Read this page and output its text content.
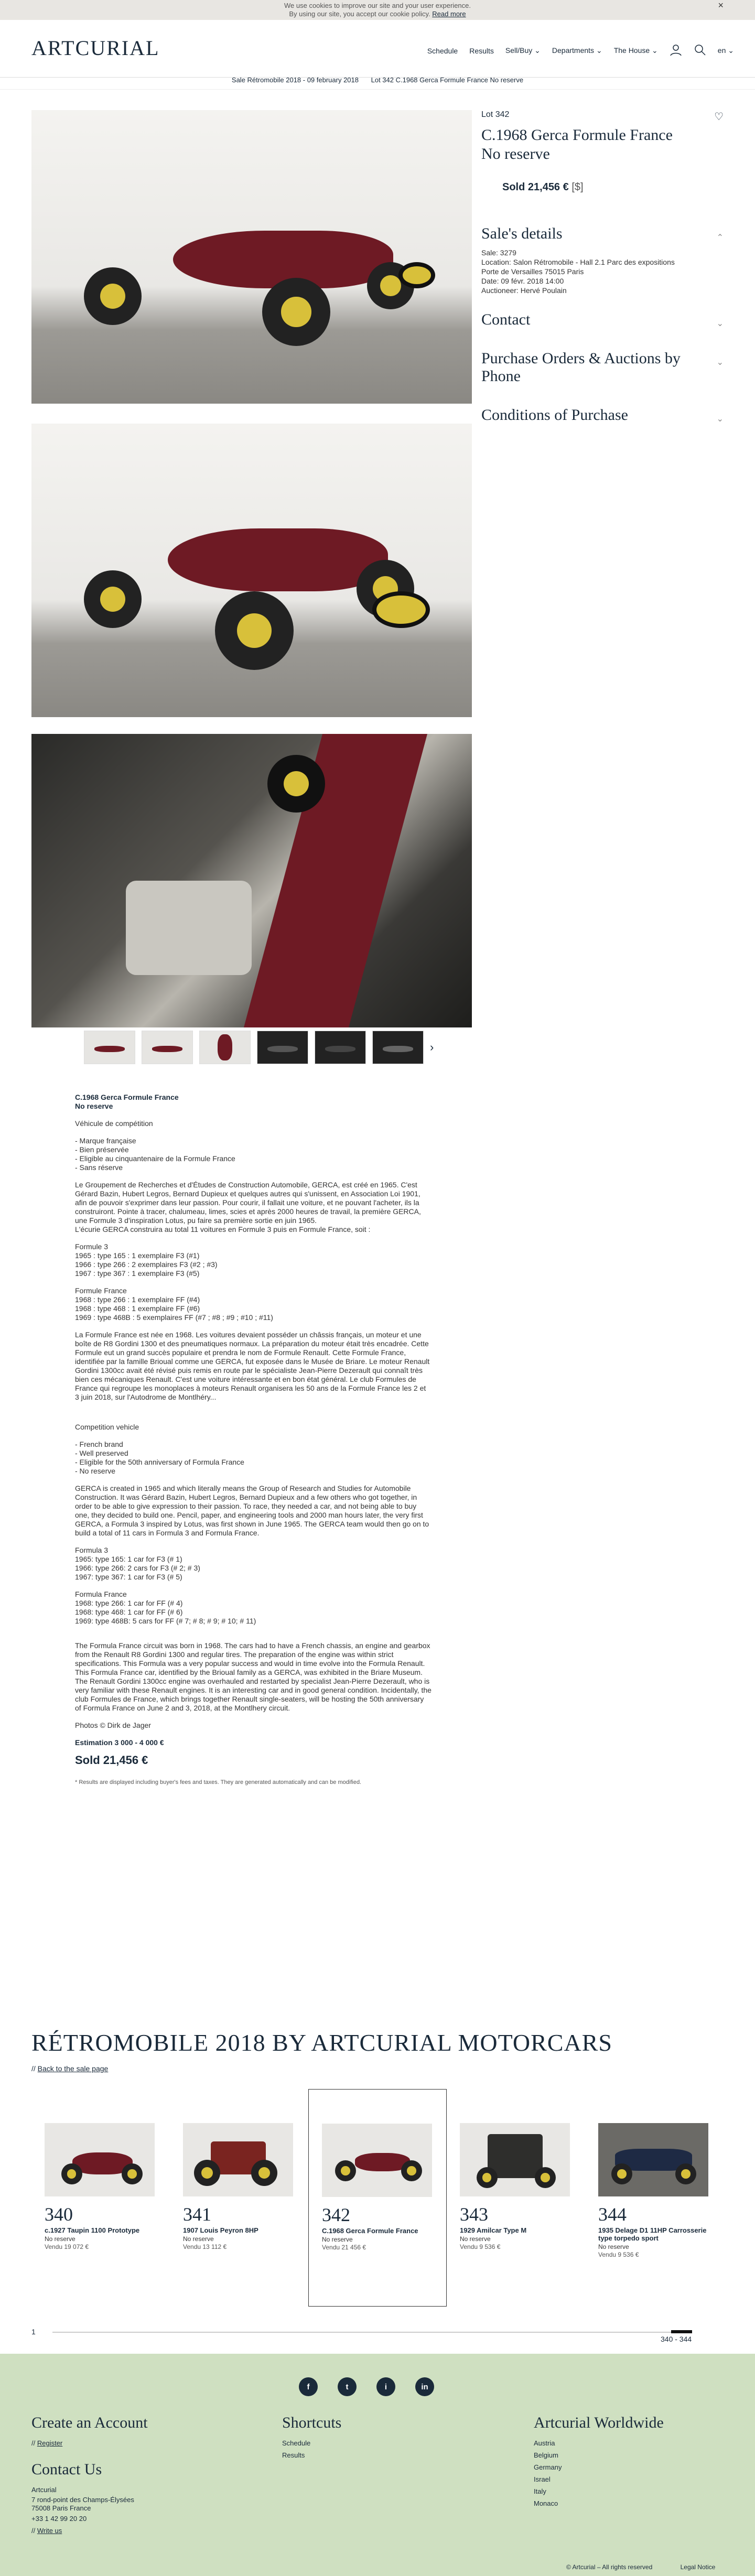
We use cookies to improve our site and your user experience.
By using our site, you accept our cookie policy. Read more
×
ARTCURIAL	Schedule Results Sell/Buy ⌄ Departments ⌄ The House ⌄	en ⌄
Sale Rétromobile 2018 - 09 february 2018 Lot 342 C.1968 Gerca Formule France No reserve
›
Lot 342	♡
C.1968 Gerca Formule France
No reserve
Sold 21,456 € [$]
Sale's details	⌃
Sale: 3279
Location: Salon Rétromobile - Hall 2.1 Parc des expositions
Porte de Versailles 75015 Paris
Date: 09 févr. 2018 14:00
Auctioneer: Hervé Poulain
Contact	⌄
Purchase Orders & Auctions by Phone
⌄
Conditions of Purchase	⌄

C.1968 Gerca Formule France
No reserve

Véhicule de compétition

- Marque française
- Bien préservée
- Eligible au cinquantenaire de la Formule France
- Sans réserve

Le Groupement de Recherches et d'Études de Construction Automobile, GERCA, est créé en 1965. C'est Gérard Bazin, Hubert Legros, Bernard Dupieux et quelques autres qui s'unissent, en Association Loi 1901, afin de pouvoir s'exprimer dans leur passion. Pour courir, il fallait une voiture, et ne pouvant l'acheter, ils la construiront. Pointe à tracer, chalumeau, limes, scies et après 2000 heures de travail, la première GERCA, une Formule 3 d'inspiration Lotus, pu faire sa première sortie en juin 1965.
L'écurie GERCA construira au total 11 voitures en Formule 3 puis en Formule France, soit :

Formule 3
1965 : type 165 : 1 exemplaire F3 (#1)
1966 : type 266 : 2 exemplaires F3 (#2 ; #3)
1967 : type 367 : 1 exemplaire F3 (#5)

Formule France
1968 : type 266 : 1 exemplaire FF (#4)
1968 : type 468 : 1 exemplaire FF (#6)
1969 : type 468B : 5 exemplaires FF (#7 ; #8 ; #9 ; #10 ; #11)

La Formule France est née en 1968. Les voitures devaient posséder un châssis français, un moteur et une boîte de R8 Gordini 1300 et des pneumatiques normaux. La préparation du moteur était très encadrée. Cette Formule eut un grand succès populaire et prendra le nom de Formule Renault. Cette Formule France, identifiée par la famille Brioual comme une GERCA, fut exposée dans le Musée de Briare. Le moteur Renault Gordini 1300cc avait été révisé puis remis en route par le spécialiste Jean-Pierre Dezerault qui connaît très bien ces mécaniques Renault. C'est une voiture intéressante et en bon état général. Le club Formules de France qui regroupe les monoplaces à moteurs Renault organisera les 50 ans de la Formule France les 2 et 3 juin 2018, sur l'Autodrome de Montlhéry...

Competition vehicle

- French brand
- Well preserved
- Eligible for the 50th anniversary of Formula France
- No reserve

GERCA is created in 1965 and which literally means the Group of Research and Studies for Automobile Construction. It was Gérard Bazin, Hubert Legros, Bernard Dupieux and a few others who got together, in order to be able to give expression to their passion. To race, they needed a car, and not being able to buy one, they decided to build one. Pencil, paper, and engineering tools and 2000 man hours later, the very first GERCA, a Formula 3 inspired by Lotus, was first shown in June 1965. The GERCA team would then go on to build a total of 11 cars in Formula 3 and Formula France.

Formula 3
1965: type 165: 1 car for F3 (# 1)
1966: type 266: 2 cars for F3 (# 2; # 3)
1967: type 367: 1 car for F3 (# 5)

Formula France
1968: type 266: 1 car for FF (# 4)
1968: type 468: 1 car for FF (# 6)
1969: type 468B: 5 cars for FF (# 7; # 8; # 9; # 10; # 11)

The Formula France circuit was born in 1968. The cars had to have a French chassis, an engine and gearbox from the Renault R8 Gordini 1300 and regular tires. The preparation of the engine was within strict specifications. This Formula was a very popular success and would in time evolve into the Formula Renault.
This Formula France car, identified by the Brioual family as a GERCA, was exhibited in the Briare Museum. The Renault Gordini 1300cc engine was overhauled and restarted by specialist Jean-Pierre Dezerault, who is very familiar with these Renault engines. It is an interesting car and in good general condition. Incidentally, the club Formules de France, which brings together Renault single-seaters, will be hosting the 50th anniversary of Formula France on June 2 and 3, 2018, at the Montlhery circuit.

Photos © Dirk de Jager

Estimation 3 000 - 4 000 €

Sold 21,456 €
* Results are displayed including buyer's fees and taxes. They are generated automatically and can be modified.
RÉTROMOBILE 2018 BY ARTCURIAL MOTORCARS
// Back to the sale page
340
c.1927 Taupin 1100 Prototype
No reserve
Vendu 19 072 €
341
1907 Louis Peyron 8HP
No reserve
Vendu 13 112 €
342
C.1968 Gerca Formule France
No reserve
Vendu 21 456 €
343
1929 Amilcar Type M
No reserve
Vendu 9 536 €
344
1935 Delage D1 11HP Carrosserie type torpedo sport
No reserve
Vendu 9 536 €
1
340 - 344
f	t	i	in
Create an Account
// Register
Contact Us
Artcurial
7 rond-point des Champs-Élysées
75008 Paris France
+33 1 42 99 20 20
// Write us
Shortcuts
Schedule
Results
Artcurial Worldwide
Austria
Belgium
Germany
Israel
Italy
Monaco
© Artcurial – All rights reserved	Legal Notice
